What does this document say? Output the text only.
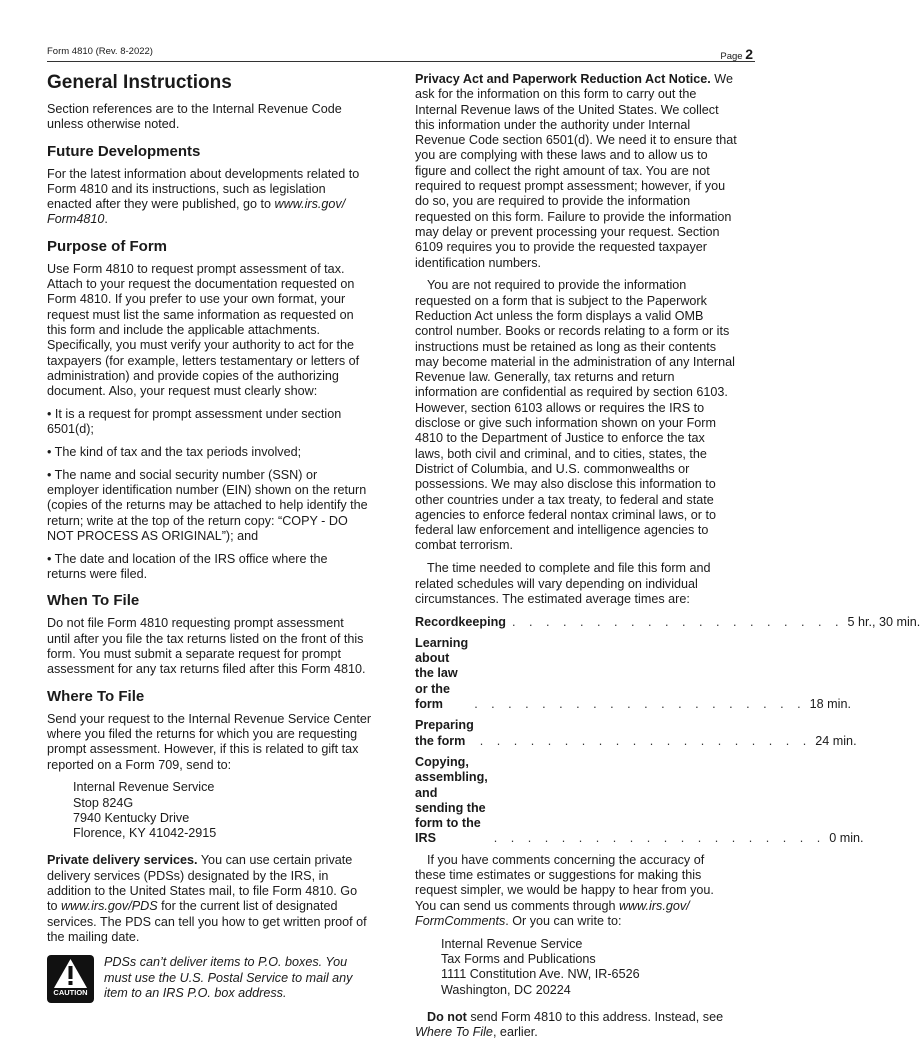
Form 4810 (Rev. 8-2022)	Page 2
General Instructions

Section references are to the Internal Revenue Code
unless otherwise noted.

Future Developments

For the latest information about developments related to
Form 4810 and its instructions, such as legislation
enacted after they were published, go to www.irs.gov/
Form4810.

Purpose of Form

Use Form 4810 to request prompt assessment of tax.
Attach to your request the documentation requested on
Form 4810. If you prefer to use your own format, your
request must list the same information as requested on
this form and include the applicable attachments.
Specifically, you must verify your authority to act for the
taxpayers (for example, letters testamentary or letters of
administration) and provide copies of the authorizing
document. Also, your request must clearly show:

• It is a request for prompt assessment under section
6501(d);

• The kind of tax and the tax periods involved;

• The name and social security number (SSN) or
employer identification number (EIN) shown on the return
(copies of the returns may be attached to help identify the
return; write at the top of the return copy: “COPY - DO
NOT PROCESS AS ORIGINAL”); and

• The date and location of the IRS office where the
returns were filed.

When To File

Do not file Form 4810 requesting prompt assessment
until after you file the tax returns listed on the front of this
form. You must submit a separate request for prompt
assessment for any tax returns filed after this Form 4810.

Where To File

Send your request to the Internal Revenue Service Center
where you filed the returns for which you are requesting
prompt assessment. However, if this is related to gift tax
reported on a Form 709, send to:

Internal Revenue Service
Stop 824G
7940 Kentucky Drive
Florence, KY 41042-2915

Private delivery services. You can use certain private
delivery services (PDSs) designated by the IRS, in
addition to the United States mail, to file Form 4810. Go
to www.irs.gov/PDS for the current list of designated
services. The PDS can tell you how to get written proof of
the mailing date.

CAUTION
PDSs can’t deliver items to P.O. boxes. You
must use the U.S. Postal Service to mail any
item to an IRS P.O. box address.

Privacy Act and Paperwork Reduction Act Notice. We
ask for the information on this form to carry out the
Internal Revenue laws of the United States. We collect
this information under the authority under Internal
Revenue Code section 6501(d). We need it to ensure that
you are complying with these laws and to allow us to
figure and collect the right amount of tax. You are not
required to request prompt assessment; however, if you
do so, you are required to provide the information
requested on this form. Failure to provide the information
may delay or prevent processing your request. Section
6109 requires you to provide the requested taxpayer
identification numbers.

You are not required to provide the information
requested on a form that is subject to the Paperwork
Reduction Act unless the form displays a valid OMB
control number. Books or records relating to a form or its
instructions must be retained as long as their contents
may become material in the administration of any Internal
Revenue law. Generally, tax returns and return
information are confidential as required by section 6103.
However, section 6103 allows or requires the IRS to
disclose or give such information shown on your Form
4810 to the Department of Justice to enforce the tax
laws, both civil and criminal, and to cities, states, the
District of Columbia, and U.S. commonwealths or
possessions. We may also disclose this information to
other countries under a tax treaty, to federal and state
agencies to enforce federal nontax criminal laws, or to
federal law enforcement and intelligence agencies to
combat terrorism.

The time needed to complete and file this form and
related schedules will vary depending on individual
circumstances. The estimated average times are:

Recordkeeping . . . . . . . . . . . . . . . . . . . . 5 hr., 30 min.
Learning about the law or the form	. . . . . . . . . . . . . . . . . . . . 18 min.
Preparing the form	. . . . . . . . . . . . . . . . . . . . 24 min.
Copying, assembling, and
sending the form to the IRS	. . . . . . . . . . . . . . . . . . . . 0 min.

If you have comments concerning the accuracy of
these time estimates or suggestions for making this
request simpler, we would be happy to hear from you.
You can send us comments through www.irs.gov/
FormComments. Or you can write to:

Internal Revenue Service
Tax Forms and Publications
1111 Constitution Ave. NW, IR-6526
Washington, DC 20224

Do not send Form 4810 to this address. Instead, see
Where To File, earlier.
